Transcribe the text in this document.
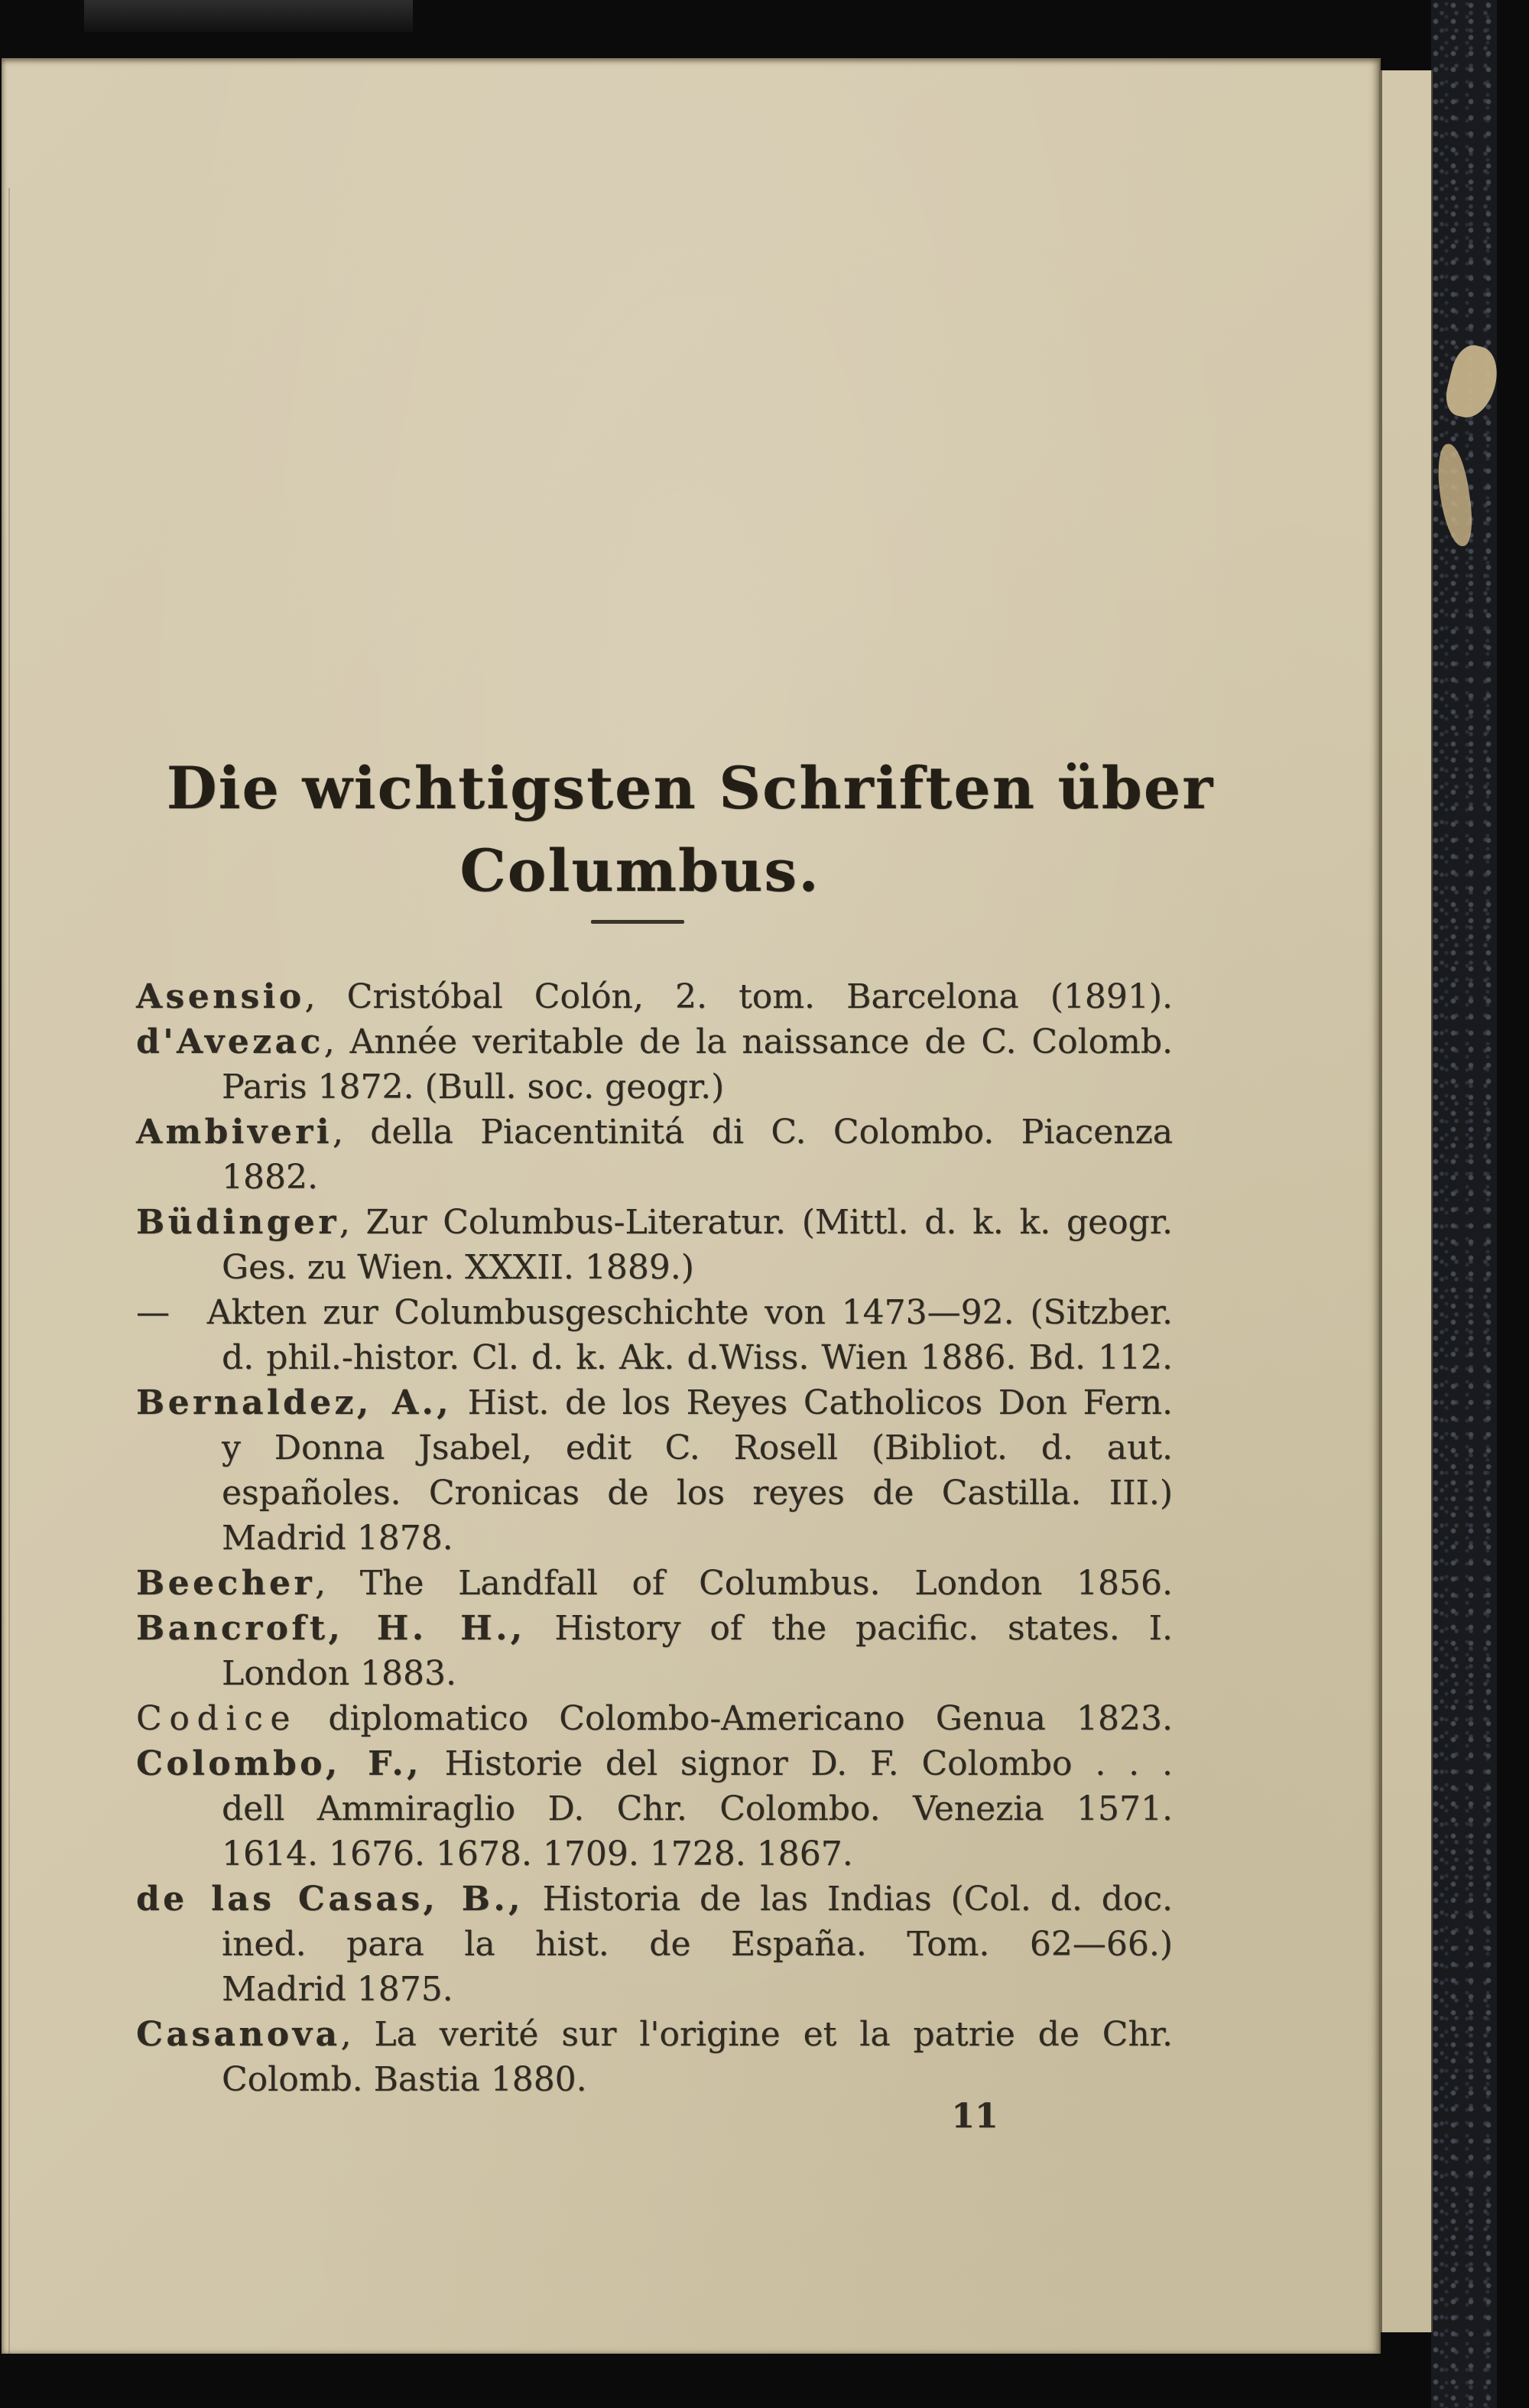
Die wichtigsten Schriften über
Columbus.
Asensio, Cristóbal Colón, 2. tom. Barcelona (1891).
d'Avezac, Année veritable de la naissance de C. Colomb.
Paris 1872. (Bull. soc. geogr.)
Ambiveri, della Piacentinitá di C. Colombo. Piacenza
1882.
Büdinger, Zur Columbus-Literatur. (Mittl. d. k. k. geogr.
Ges. zu Wien. XXXII. 1889.)
— Akten zur Columbusgeschichte von 1473—92. (Sitzber.
d. phil.-histor. Cl. d. k. Ak. d.Wiss. Wien 1886. Bd. 112.
Bernaldez, A., Hist. de los Reyes Catholicos Don Fern.
y Donna Jsabel, edit C. Rosell (Bibliot. d. aut.
españoles. Cronicas de los reyes de Castilla. III.)
Madrid 1878.
Beecher, The Landfall of Columbus. London 1856.
Bancroft, H. H., History of the pacific. states. I.
London 1883.
Codice diplomatico Colombo-Americano Genua 1823.
Colombo, F., Historie del signor D. F. Colombo . . .
dell Ammiraglio D. Chr. Colombo. Venezia 1571.
1614. 1676. 1678. 1709. 1728. 1867.
de las Casas, B., Historia de las Indias (Col. d. doc.
ined. para la hist. de España. Tom. 62—66.)
Madrid 1875.
Casanova, La verité sur l'origine et la patrie de Chr.
Colomb. Bastia 1880.
11
